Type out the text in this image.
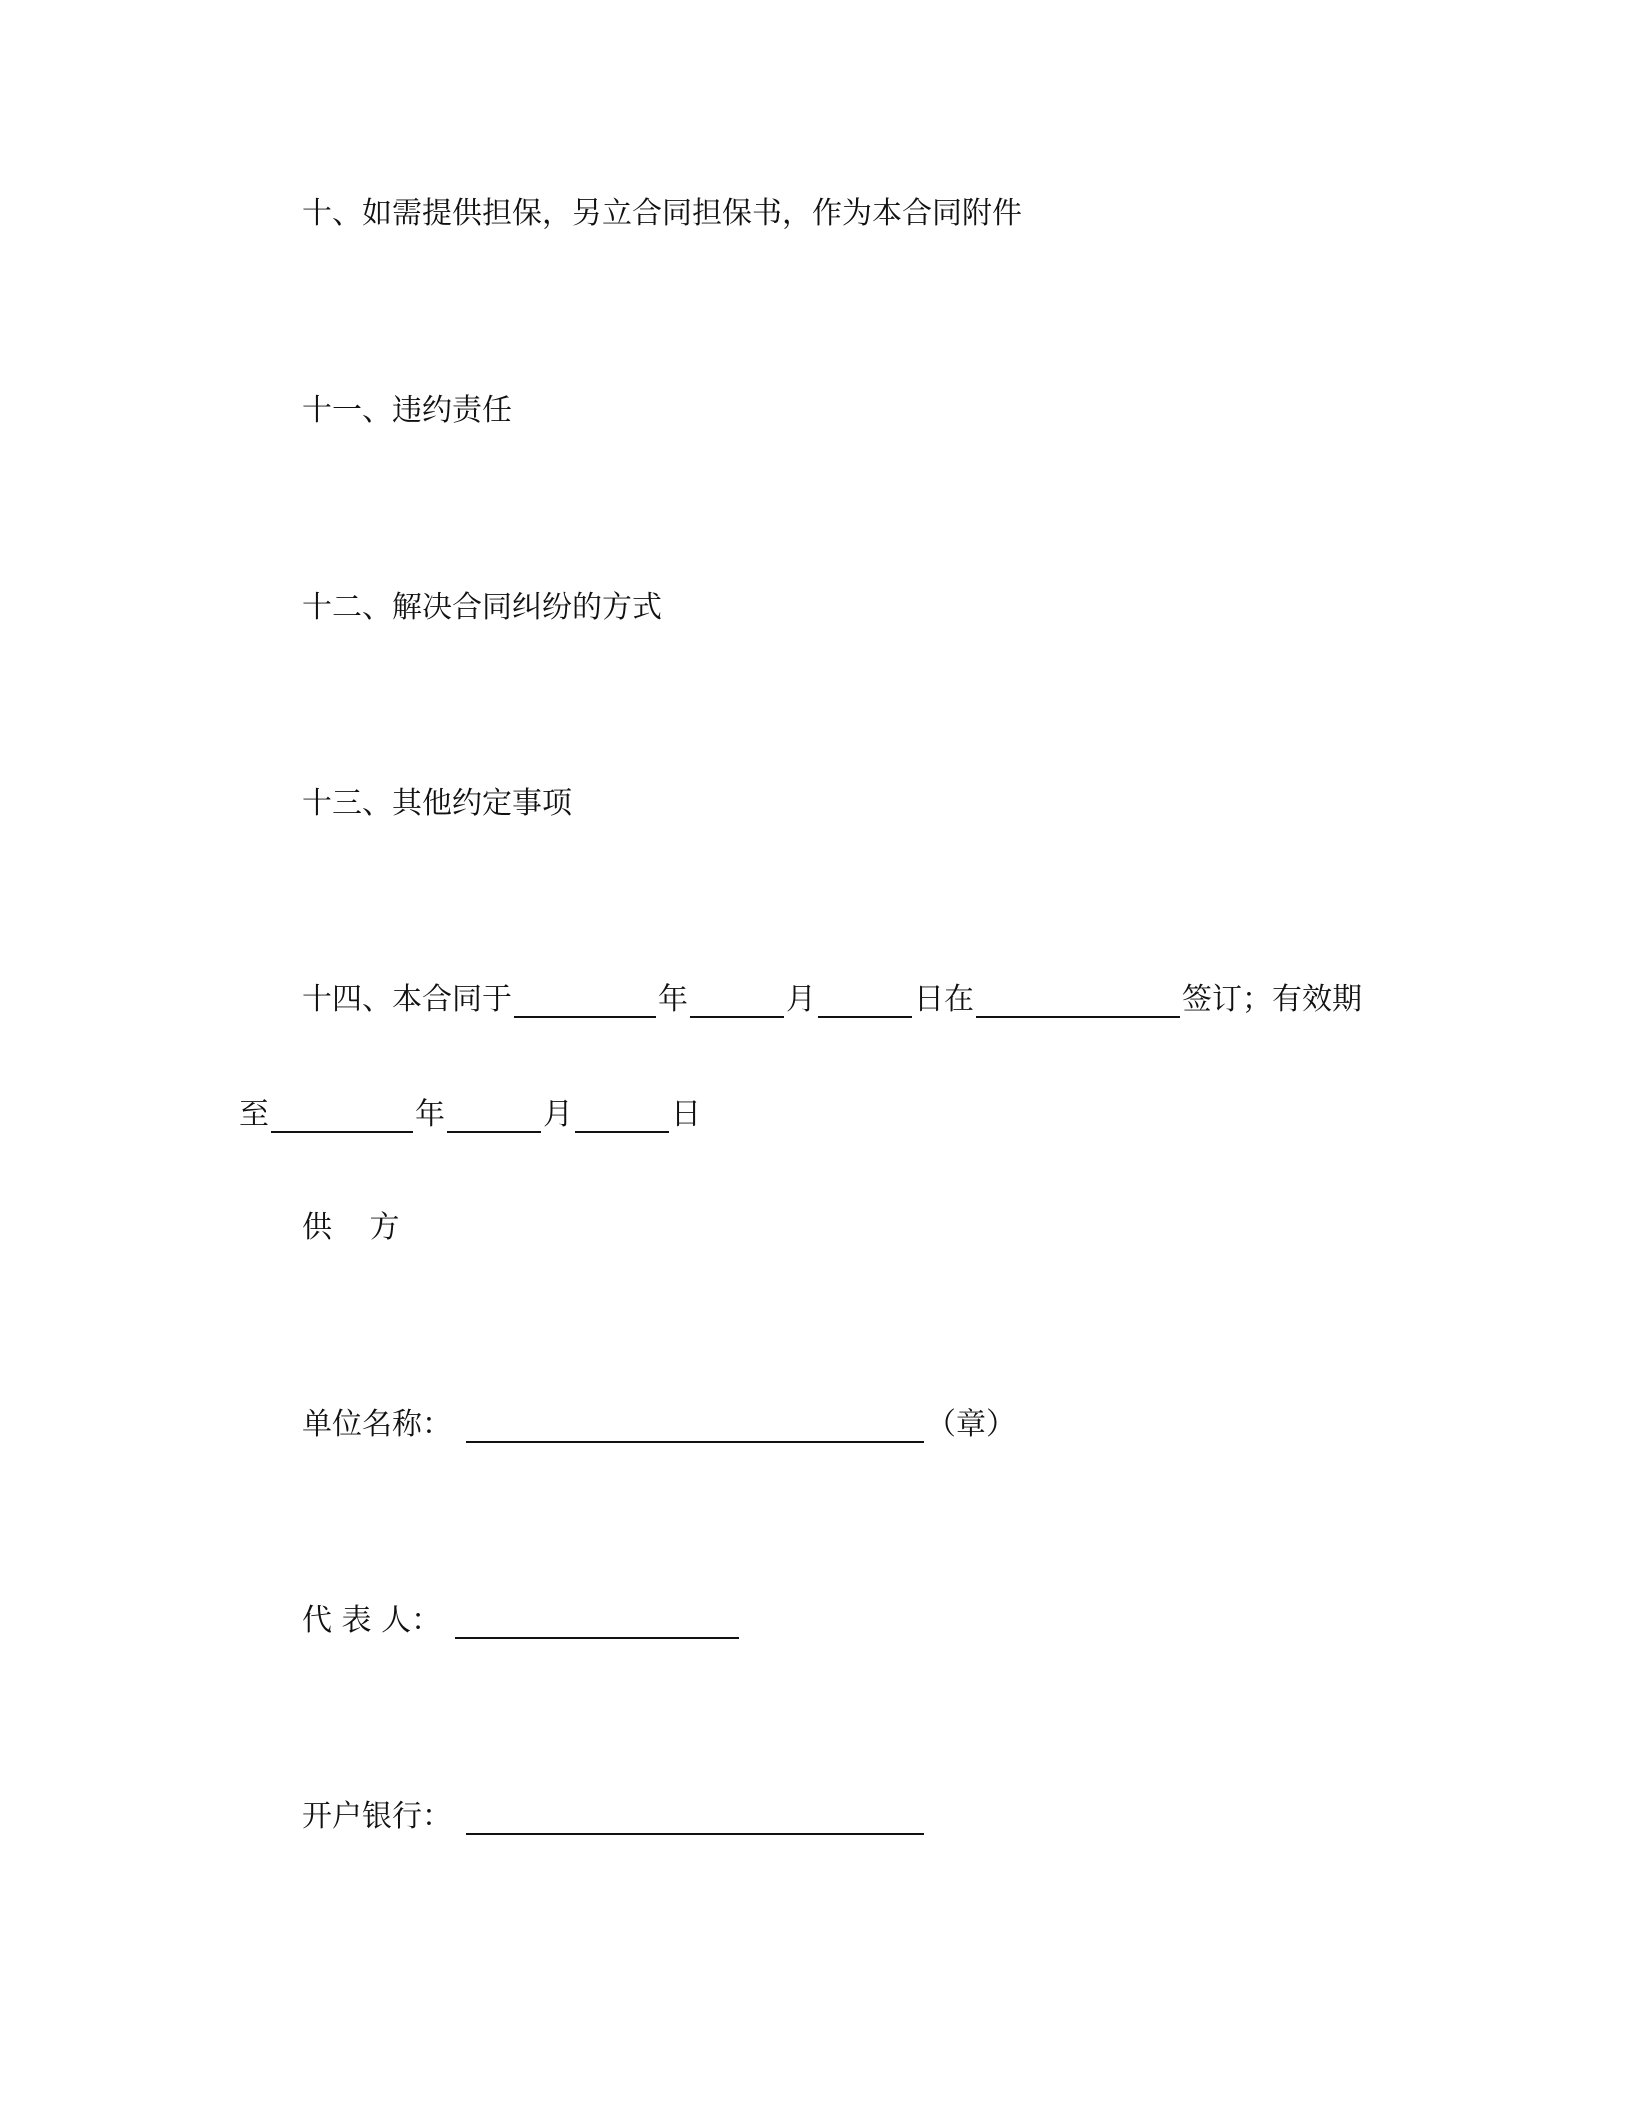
十、如需提供担保，另立合同担保书，作为本合同附件
十一、违约责任
十二、解决合同纠纷的方式
十三、其他约定事项
十四、本合同于	年	月	日在	签订；有效期
至	年	月	日
供 方
单位名称：	（章）
代 表 人：
开户银行：
